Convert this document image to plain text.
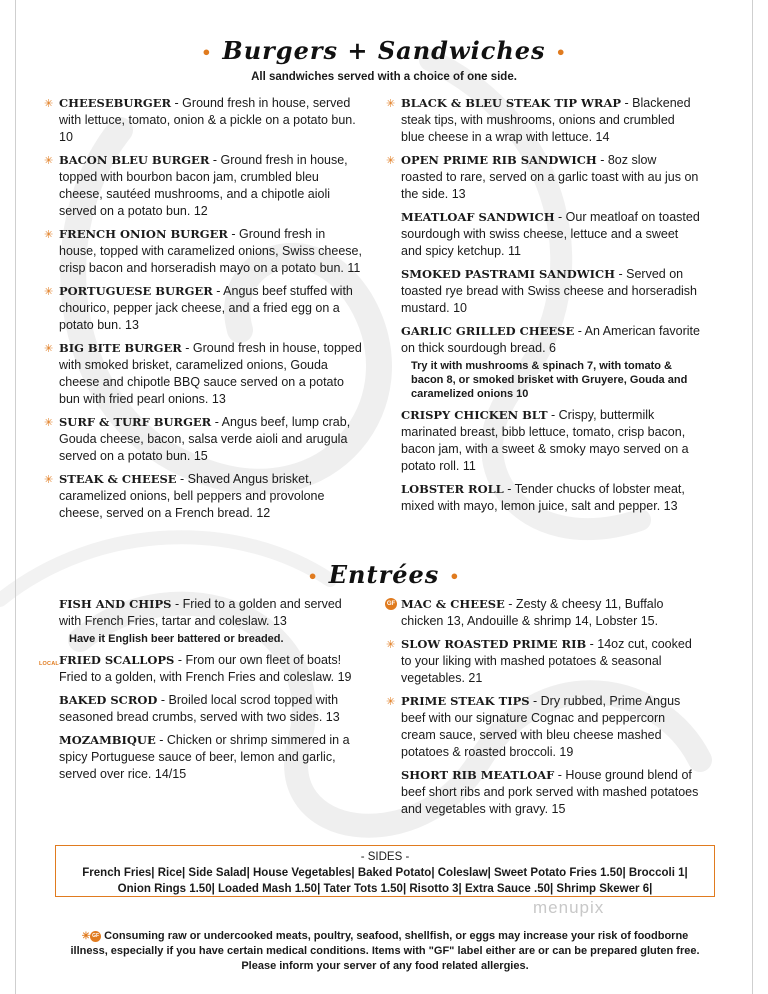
• Burgers + Sandwiches •
All sandwiches served with a choice of one side.
✳ CHEESEBURGER - Ground fresh in house, served with lettuce, tomato, onion & a pickle on a potato bun. 10
✳ BACON BLEU BURGER - Ground fresh in house, topped with bourbon bacon jam, crumbled bleu cheese, sautéed mushrooms, and a chipotle aioli served on a potato bun. 12
✳ FRENCH ONION BURGER - Ground fresh in house, topped with caramelized onions, Swiss cheese, crisp bacon and horseradish mayo on a potato bun. 11
✳ PORTUGUESE BURGER - Angus beef stuffed with chourico, pepper jack cheese, and a fried egg on a potato bun. 13
✳ BIG BITE BURGER - Ground fresh in house, topped with smoked brisket, caramelized onions, Gouda cheese and chipotle BBQ sauce served on a potato bun with fried pearl onions. 13
✳ SURF & TURF BURGER - Angus beef, lump crab, Gouda cheese, bacon, salsa verde aioli and arugula served on a potato bun. 15
✳ STEAK & CHEESE - Shaved Angus brisket, caramelized onions, bell peppers and provolone cheese, served on a French bread. 12
✳ BLACK & BLEU STEAK TIP WRAP - Blackened steak tips, with mushrooms, onions and crumbled blue cheese in a wrap with lettuce. 14
✳ OPEN PRIME RIB SANDWICH - 8oz slow roasted to rare, served on a garlic toast with au jus on the side. 13
MEATLOAF SANDWICH - Our meatloaf on toasted sourdough with swiss cheese, lettuce and a sweet and spicy ketchup. 11
SMOKED PASTRAMI SANDWICH - Served on toasted rye bread with Swiss cheese and horseradish mustard. 10
GARLIC GRILLED CHEESE - An American favorite on thick sourdough bread. 6
Try it with mushrooms & spinach 7, with tomato & bacon 8, or smoked brisket with Gruyere, Gouda and caramelized onions 10
CRISPY CHICKEN BLT - Crispy, buttermilk marinated breast, bibb lettuce, tomato, crisp bacon, bacon jam, with a sweet & smoky mayo served on a potato roll. 11
LOBSTER ROLL - Tender chucks of lobster meat, mixed with mayo, lemon juice, salt and pepper. 13
• Entrées •
FISH AND CHIPS - Fried to a golden and served with French Fries, tartar and coleslaw. 13
Have it English beer battered or breaded.
LOCAL FRIED SCALLOPS - From our own fleet of boats! Fried to a golden, with French Fries and coleslaw. 19
BAKED SCROD - Broiled local scrod topped with seasoned bread crumbs, served with two sides. 13
MOZAMBIQUE - Chicken or shrimp simmered in a spicy Portuguese sauce of beer, lemon and garlic, served over rice. 14/15
GF MAC & CHEESE - Zesty & cheesy 11, Buffalo chicken 13, Andouille & shrimp 14, Lobster 15.
✳ SLOW ROASTED PRIME RIB - 14oz cut, cooked to your liking with mashed potatoes & seasonal vegetables. 21
✳ PRIME STEAK TIPS - Dry rubbed, Prime Angus beef with our signature Cognac and peppercorn cream sauce, served with bleu cheese mashed potatoes & roasted broccoli. 19
SHORT RIB MEATLOAF - House ground blend of beef short ribs and pork served with mashed potatoes and vegetables with gravy. 15
- SIDES -
French Fries| Rice| Side Salad| House Vegetables| Baked Potato| Coleslaw| Sweet Potato Fries 1.50| Broccoli 1|
Onion Rings 1.50| Loaded Mash 1.50| Tater Tots 1.50| Risotto 3| Extra Sauce .50| Shrimp Skewer 6|
menupix
✳ GF Consuming raw or undercooked meats, poultry, seafood, shellfish, or eggs may increase your risk of foodborne illness, especially if you have certain medical conditions. Items with "GF" label either are or can be prepared gluten free. Please inform your server of any food related allergies.
